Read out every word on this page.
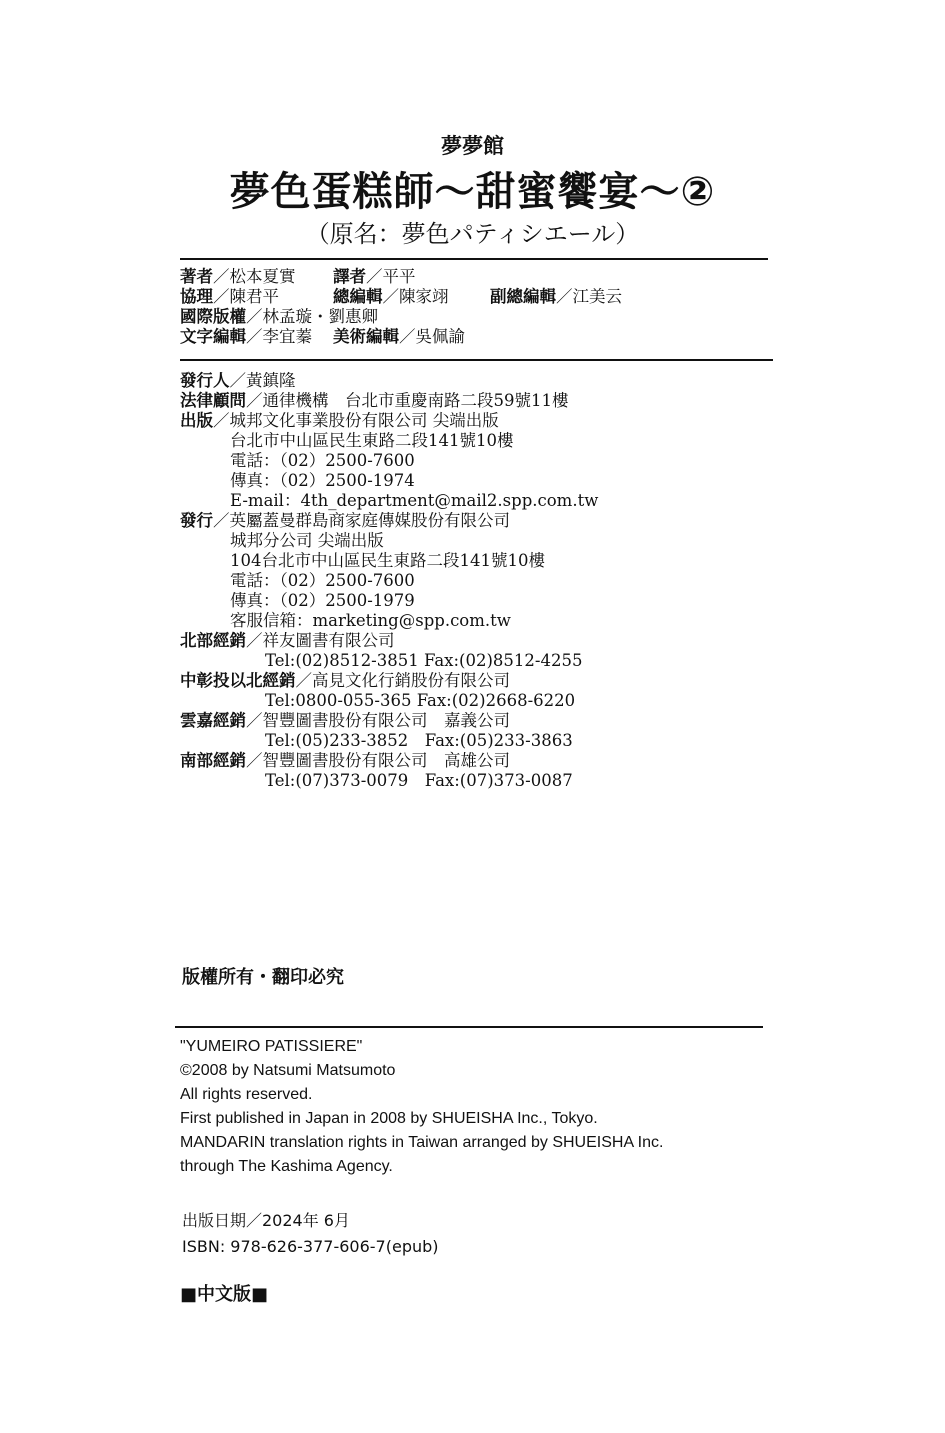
夢夢館
夢色蛋糕師～甜蜜饗宴～②
（原名：夢色パティシエール）
著者／松本夏實 譯者／平平
協理／陳君平	總編輯／陳家翊	副總編輯／江美云
國際版權／林孟璇・劉惠卿
文字編輯／李宜蓁 美術編輯／吳佩諭
發行人／黃鎮隆
法律顧問／通律機構　台北市重慶南路二段59號11樓
出版／城邦文化事業股份有限公司 尖端出版
台北市中山區民生東路二段141號10樓
電話：（02）2500-7600
傳真：（02）2500-1974
E-mail：4th_department@mail2.spp.com.tw
發行／英屬蓋曼群島商家庭傳媒股份有限公司
城邦分公司 尖端出版
104台北市中山區民生東路二段141號10樓
電話：（02）2500-7600
傳真：（02）2500-1979
客服信箱：marketing@spp.com.tw
北部經銷／祥友圖書有限公司
Tel:(02)8512-3851 Fax:(02)8512-4255
中彰投以北經銷／高見文化行銷股份有限公司
Tel:0800-055-365 Fax:(02)2668-6220
雲嘉經銷／智豐圖書股份有限公司　嘉義公司
Tel:(05)233-3852　Fax:(05)233-3863
南部經銷／智豐圖書股份有限公司　高雄公司
Tel:(07)373-0079　Fax:(07)373-0087
版權所有・翻印必究
"YUMEIRO PATISSIERE"
©2008 by Natsumi Matsumoto
All rights reserved.
First published in Japan in 2008 by SHUEISHA Inc., Tokyo.
MANDARIN translation rights in Taiwan arranged by SHUEISHA Inc.
through The Kashima Agency.
出版日期／2024年 6月
ISBN: 978-626-377-606-7(epub)
■中文版■
